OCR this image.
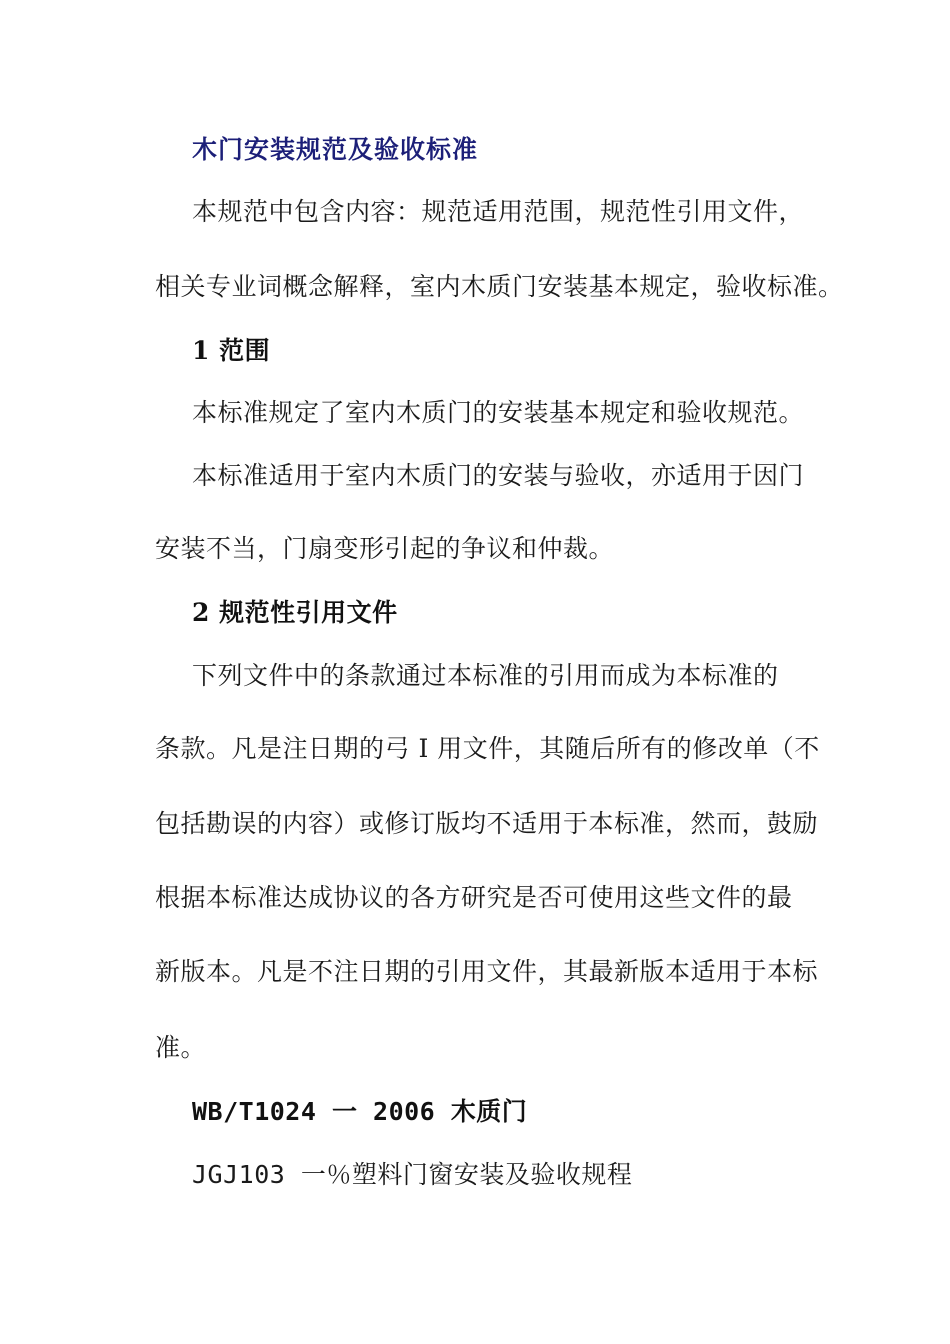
木门安装规范及验收标准
本规范中包含内容：规范适用范围，规范性引用文件，
相关专业词概念解释，室内木质门安装基本规定，验收标准。
1 范围
本标准规定了室内木质门的安装基本规定和验收规范。
本标准适用于室内木质门的安装与验收，亦适用于因门
安装不当，门扇变形引起的争议和仲裁。
2 规范性引用文件
下列文件中的条款通过本标准的引用而成为本标准的
条款。凡是注日期的弓 I 用文件，其随后所有的修改单（不
包括勘误的内容）或修订版均不适用于本标准，然而，鼓励
根据本标准达成协议的各方研究是否可使用这些文件的最
新版本。凡是不注日期的引用文件，其最新版本适用于本标
准。
WB/T1024 一 2006 木质门
JGJ103 一％塑料门窗安装及验收规程
